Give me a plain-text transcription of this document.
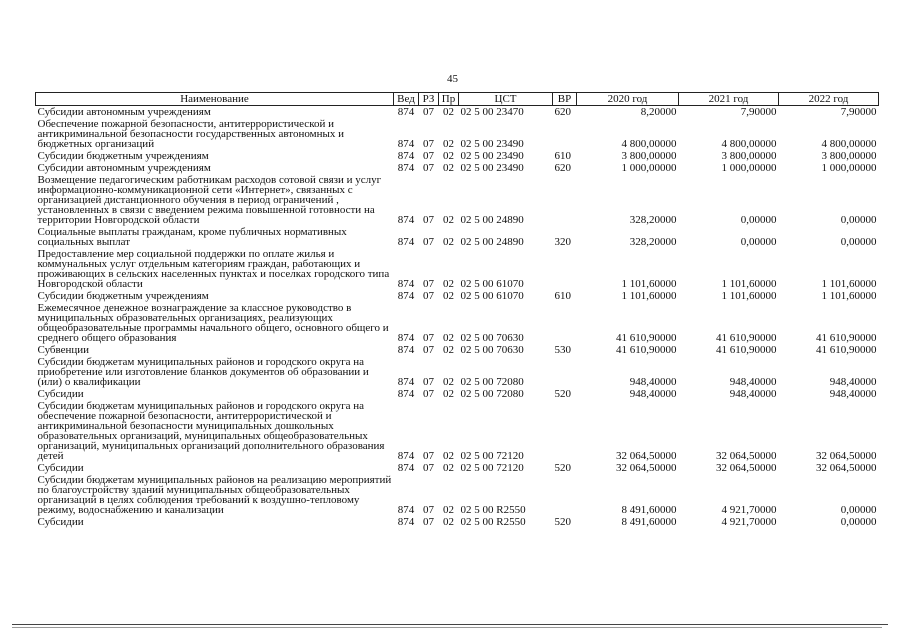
45
Наименование	Вед	РЗ	Пр	ЦСТ	ВР	2020 год	2021 год	2022 год
Субсидии автономным учреждениям	874	07	02	02 5 00 23470	620	8,20000	7,90000	7,90000
Обеспечение пожарной безопасности, антитеррористической и антикриминальной безопасности государственных автономных и бюджетных организаций	874	07	02	02 5 00 23490		4 800,00000	4 800,00000	4 800,00000
Субсидии бюджетным учреждениям	874	07	02	02 5 00 23490	610	3 800,00000	3 800,00000	3 800,00000
Субсидии автономным учреждениям	874	07	02	02 5 00 23490	620	1 000,00000	1 000,00000	1 000,00000
Возмещение педагогическим работникам расходов сотовой связи и услуг информационно-коммуникационной сети «Интернет», связанных с организацией дистанционного обучения в период ограничений , установленных в связи с введением режима повышенной готовности на территории Новгородской области	874	07	02	02 5 00 24890		328,20000	0,00000	0,00000
Социальные выплаты гражданам, кроме публичных нормативных социальных выплат	874	07	02	02 5 00 24890	320	328,20000	0,00000	0,00000
Предоставление мер социальной поддержки по оплате жилья и коммунальных услуг отдельным категориям граждан, работающих и проживающих в сельских населенных пунктах и поселках городского типа Новгородской области	874	07	02	02 5 00 61070		1 101,60000	1 101,60000	1 101,60000
Субсидии бюджетным учреждениям	874	07	02	02 5 00 61070	610	1 101,60000	1 101,60000	1 101,60000
Ежемесячное денежное вознаграждение за классное руководство в муниципальных образовательных организациях, реализующих общеобразовательные программы начального общего, основного общего и среднего общего образования	874	07	02	02 5 00 70630		41 610,90000	41 610,90000	41 610,90000
Субвенции	874	07	02	02 5 00 70630	530	41 610,90000	41 610,90000	41 610,90000
Субсидии бюджетам муниципальных районов и городского округа на приобретение или изготовление бланков документов об образовании и (или) о квалификации	874	07	02	02 5 00 72080		948,40000	948,40000	948,40000
Субсидии	874	07	02	02 5 00 72080	520	948,40000	948,40000	948,40000
Субсидии бюджетам муниципальных районов и городского округа на обеспечение пожарной безопасности, антитеррористической и антикриминальной безопасности муниципальных дошкольных образовательных организаций, муниципальных общеобразовательных организаций, муниципальных организаций дополнительного образования детей	874	07	02	02 5 00 72120		32 064,50000	32 064,50000	32 064,50000
Субсидии	874	07	02	02 5 00 72120	520	32 064,50000	32 064,50000	32 064,50000
Субсидии бюджетам муниципальных районов на реализацию мероприятий по благоустройству зданий муниципальных общеобразовательных организаций в целях соблюдения требований к воздушно-тепловому режиму, водоснабжению и канализации	874	07	02	02 5 00 R2550		8 491,60000	4 921,70000	0,00000
Субсидии	874	07	02	02 5 00 R2550	520	8 491,60000	4 921,70000	0,00000
